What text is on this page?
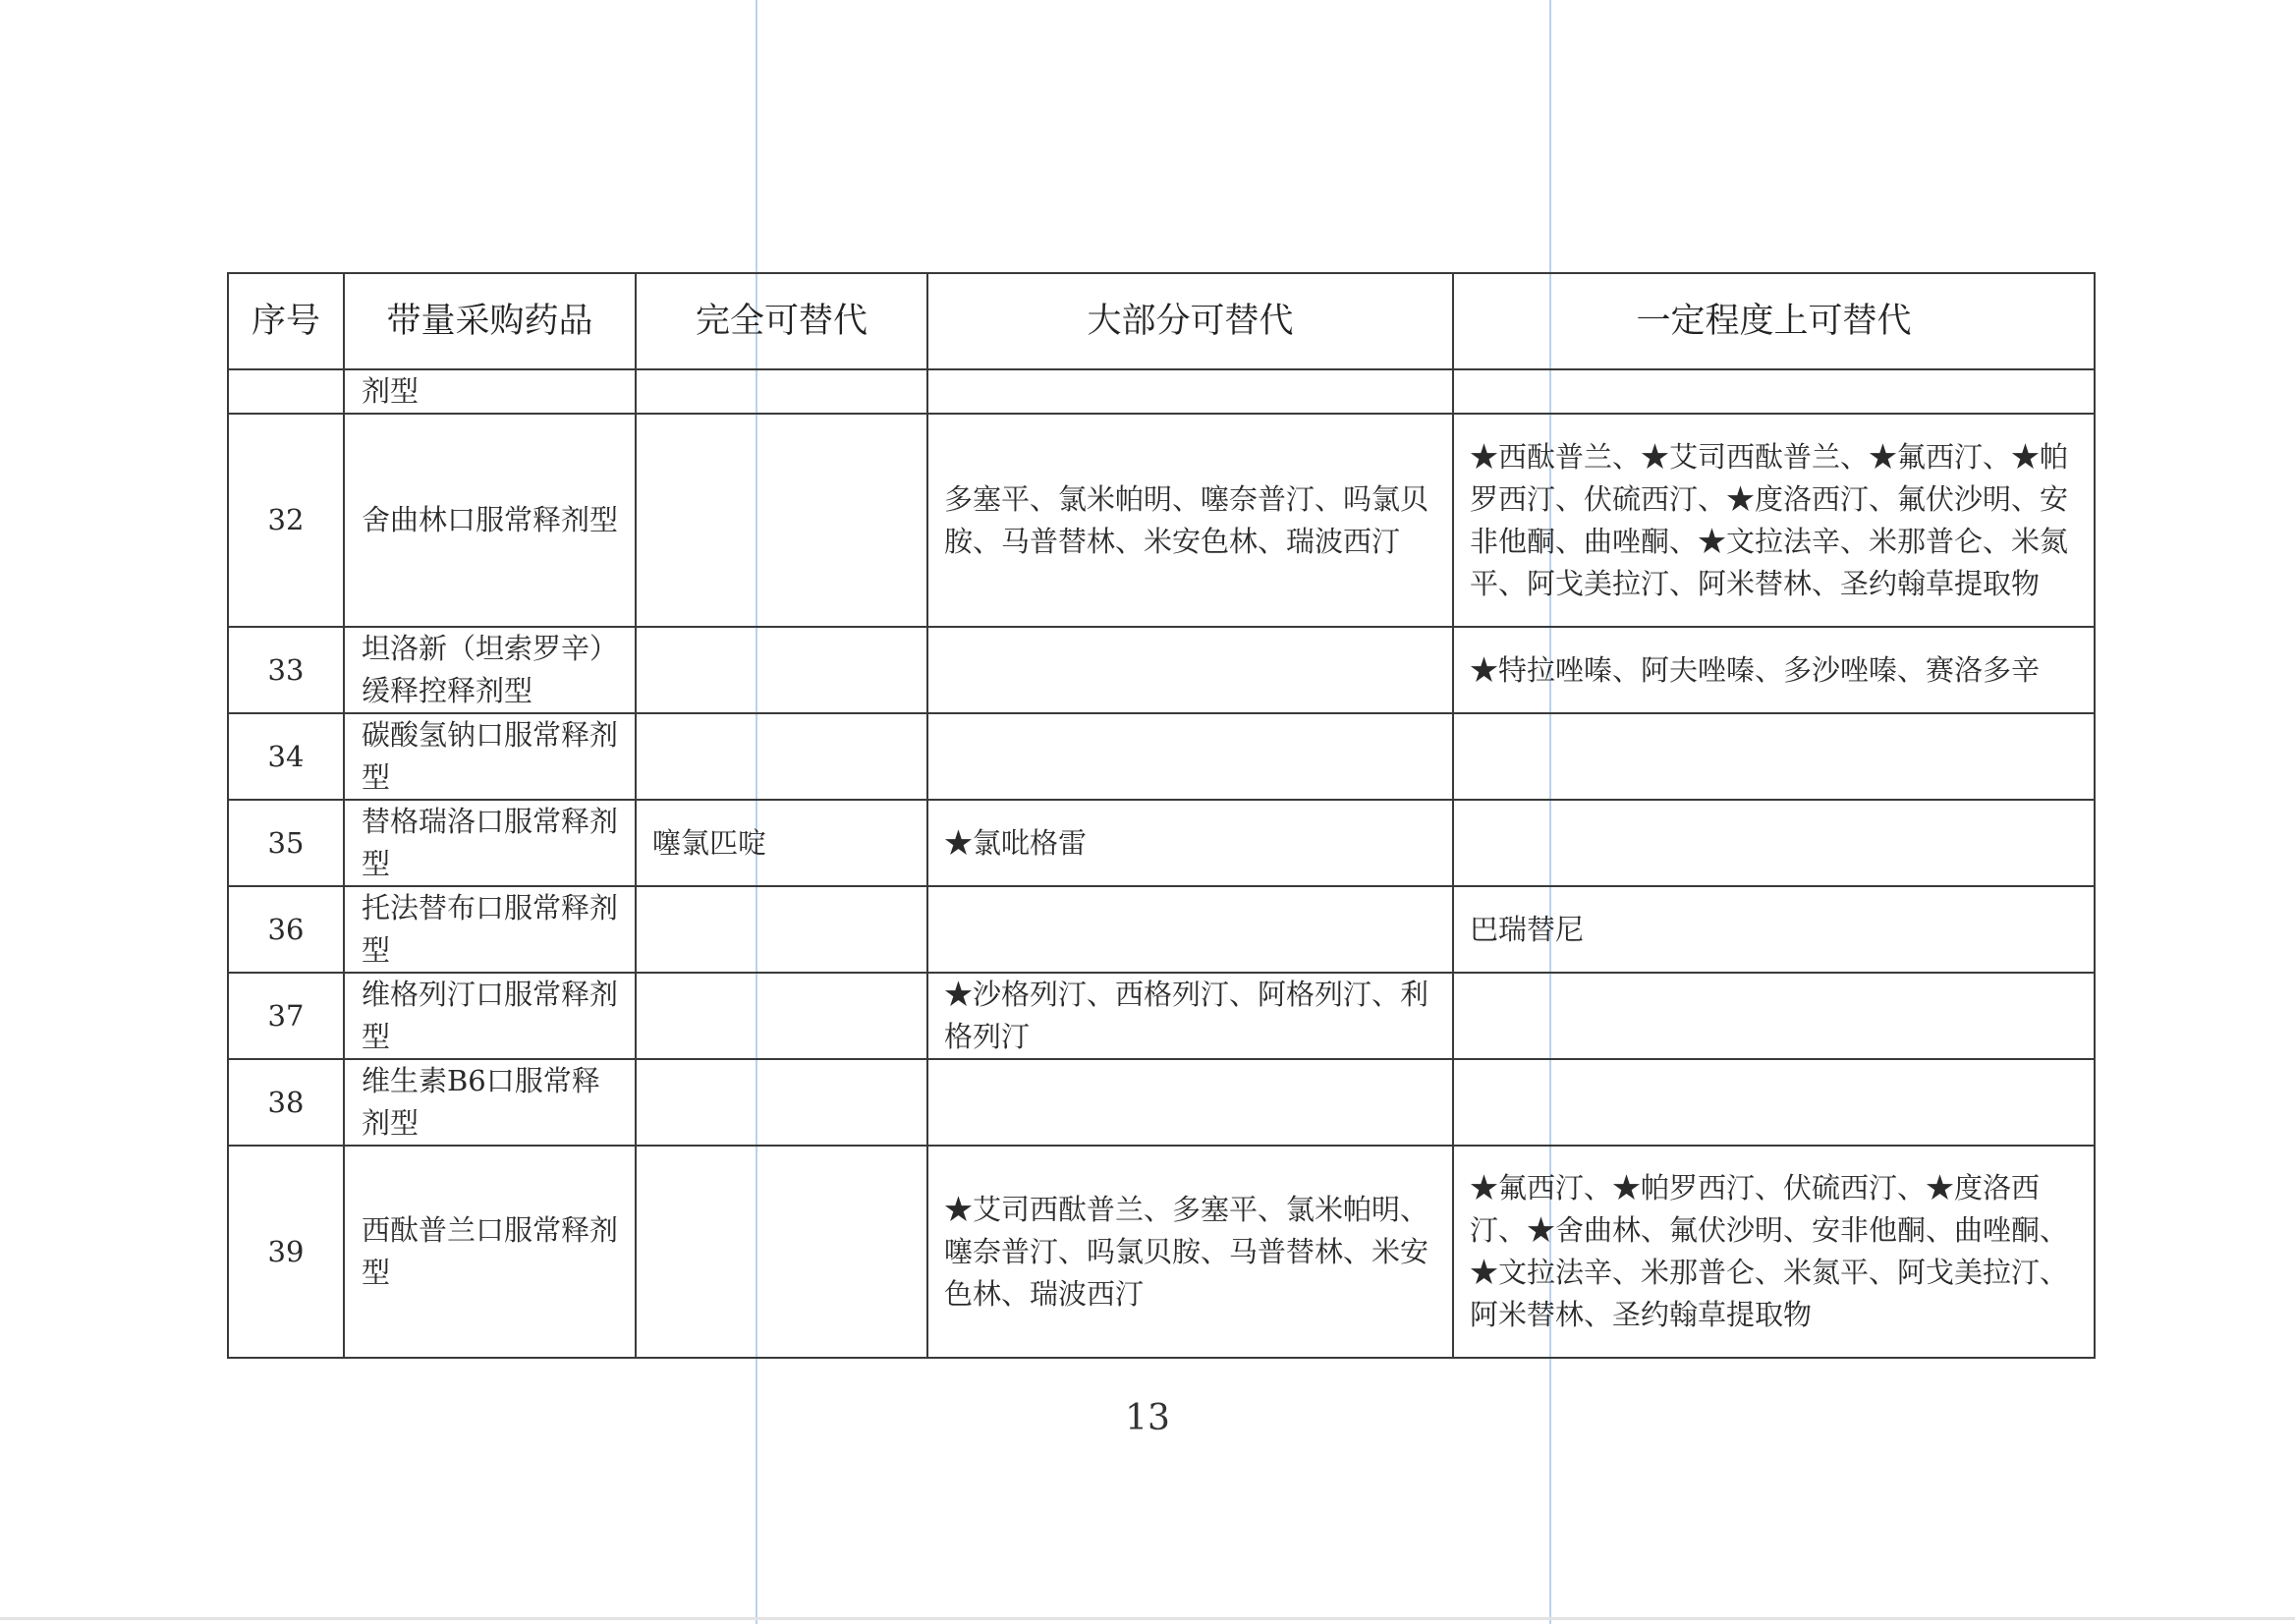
序号	带量采购药品	完全可替代	大部分可替代	一定程度上可替代
	剂型			
32	舍曲林口服常释剂型		多塞平、氯米帕明、噻奈普汀、吗氯贝胺、马普替林、米安色林、瑞波西汀	★西酞普兰、★艾司西酞普兰、★氟西汀、★帕罗西汀、伏硫西汀、★度洛西汀、氟伏沙明、安非他酮、曲唑酮、★文拉法辛、米那普仑、米氮平、阿戈美拉汀、阿米替林、圣约翰草提取物
33	坦洛新（坦索罗辛）缓释控释剂型			★特拉唑嗪、阿夫唑嗪、多沙唑嗪、赛洛多辛
34	碳酸氢钠口服常释剂型			
35	替格瑞洛口服常释剂型	噻氯匹啶	★氯吡格雷	
36	托法替布口服常释剂型			巴瑞替尼
37	维格列汀口服常释剂型		★沙格列汀、西格列汀、阿格列汀、利格列汀	
38	维生素B6口服常释剂型			
39	西酞普兰口服常释剂型		★艾司西酞普兰、多塞平、氯米帕明、噻奈普汀、吗氯贝胺、马普替林、米安色林、瑞波西汀	★氟西汀、★帕罗西汀、伏硫西汀、★度洛西汀、★舍曲林、氟伏沙明、安非他酮、曲唑酮、★文拉法辛、米那普仑、米氮平、阿戈美拉汀、阿米替林、圣约翰草提取物
13
